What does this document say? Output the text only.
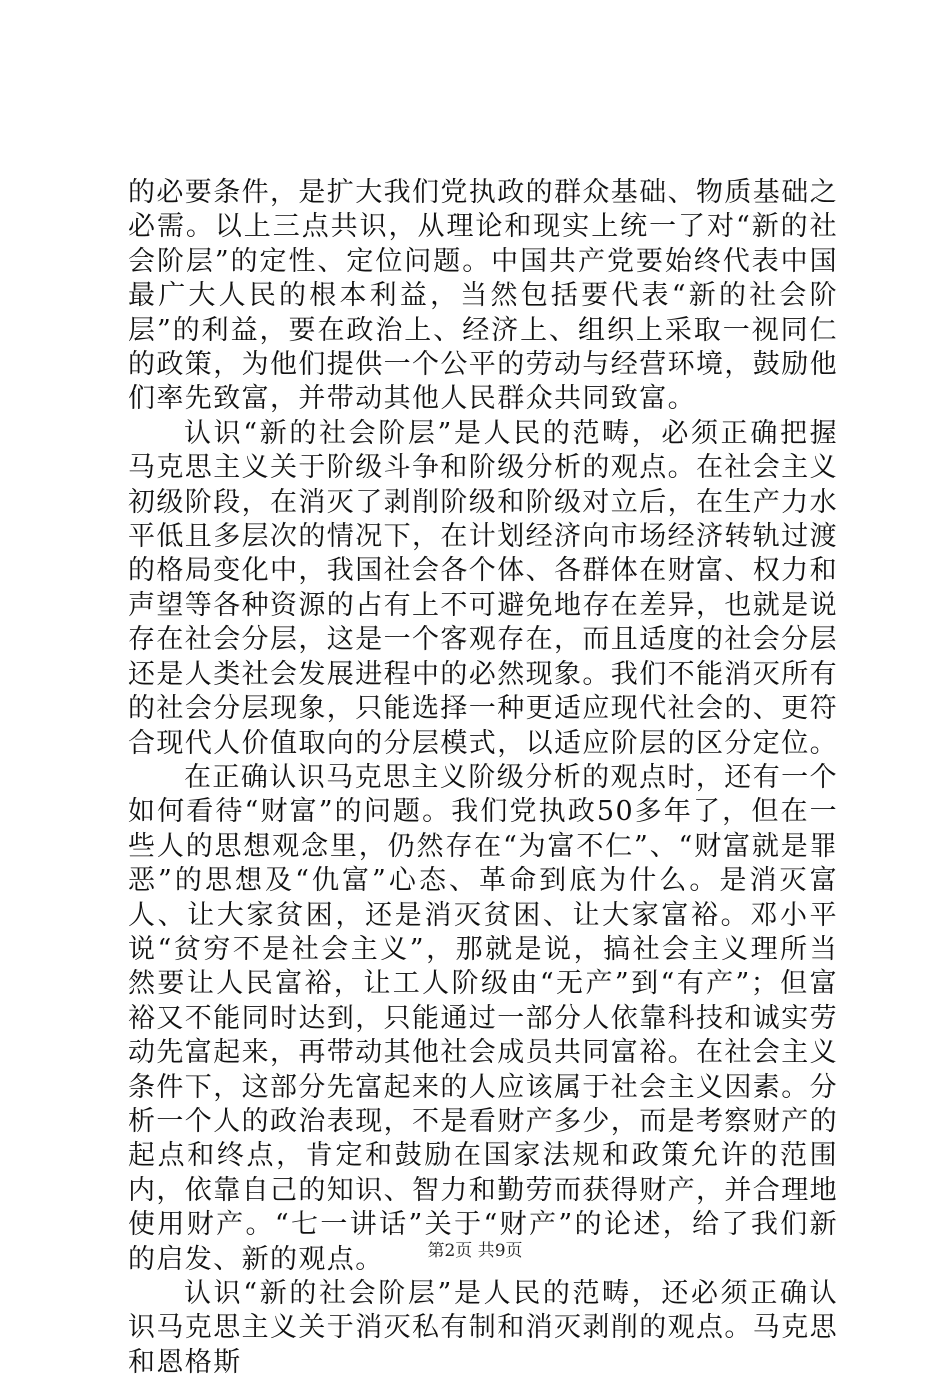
的必要条件，是扩大我们党执政的群众基础、物质基础之必需。以上三点共识，从理论和现实上统一了对“新的社会阶层”的定性、定位问题。中国共产党要始终代表中国最广大人民的根本利益，当然包括要代表“新的社会阶层”的利益，要在政治上、经济上、组织上采取一视同仁的政策，为他们提供一个公平的劳动与经营环境，鼓励他们率先致富，并带动其他人民群众共同致富。

认识“新的社会阶层”是人民的范畴，必须正确把握马克思主义关于阶级斗争和阶级分析的观点。在社会主义初级阶段，在消灭了剥削阶级和阶级对立后，在生产力水平低且多层次的情况下，在计划经济向市场经济转轨过渡的格局变化中，我国社会各个体、各群体在财富、权力和声望等各种资源的占有上不可避免地存在差异，也就是说存在社会分层，这是一个客观存在，而且适度的社会分层还是人类社会发展进程中的必然现象。我们不能消灭所有的社会分层现象，只能选择一种更适应现代社会的、更符合现代人价值取向的分层模式，以适应阶层的区分定位。

在正确认识马克思主义阶级分析的观点时，还有一个如何看待“财富”的问题。我们党执政50多年了，但在一些人的思想观念里，仍然存在“为富不仁”、“财富就是罪恶”的思想及“仇富”心态、革命到底为什么。是消灭富人、让大家贫困，还是消灭贫困、让大家富裕。邓小平说“贫穷不是社会主义”，那就是说，搞社会主义理所当然要让人民富裕，让工人阶级由“无产”到“有产”；但富裕又不能同时达到，只能通过一部分人依靠科技和诚实劳动先富起来，再带动其他社会成员共同富裕。在社会主义条件下，这部分先富起来的人应该属于社会主义因素。分析一个人的政治表现，不是看财产多少，而是考察财产的起点和终点，肯定和鼓励在国家法规和政策允许的范围内，依靠自己的知识、智力和勤劳而获得财产，并合理地使用财产。“七一讲话”关于“财产”的论述，给了我们新的启发、新的观点。

认识“新的社会阶层”是人民的范畴，还必须正确认识马克思主义关于消灭私有制和消灭剥削的观点。马克思和恩格斯

第2页 共9页
